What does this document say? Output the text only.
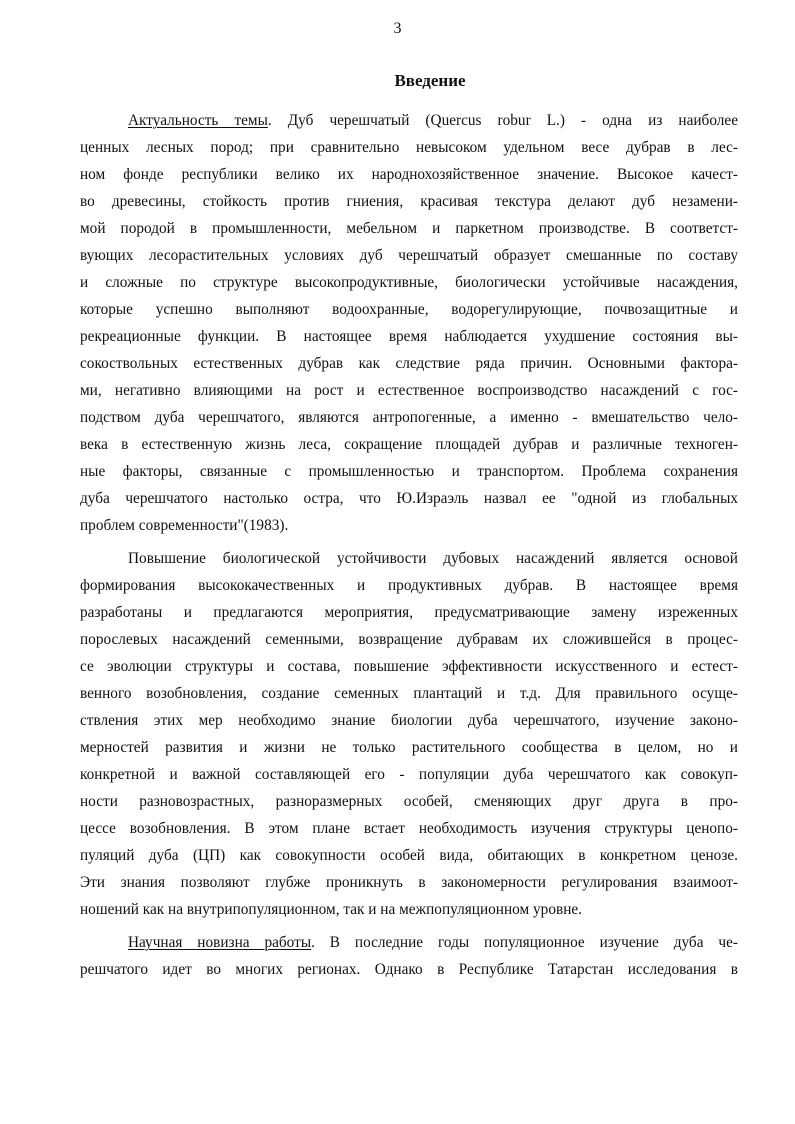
3
Введение
Актуальность темы. Дуб черешчатый (Quercus robur L.) - одна из наиболее
ценных лесных пород; при сравнительно невысоком удельном весе дубрав в лес-
ном фонде республики велико их народнохозяйственное значение. Высокое качест-
во древесины, стойкость против гниения, красивая текстура делают дуб незамени-
мой породой в промышленности, мебельном и паркетном производстве. В соответст-
вующих лесорастительных условиях дуб черешчатый образует смешанные по составу
и сложные по структуре высокопродуктивные, биологически устойчивые насаждения,
которые успешно выполняют водоохранные, водорегулирующие, почвозащитные и
рекреационные функции. В настоящее время наблюдается ухудшение состояния вы-
сокоствольных естественных дубрав как следствие ряда причин. Основными фактора-
ми, негативно влияющими на рост и естественное воспроизводство насаждений с гос-
подством дуба черешчатого, являются антропогенные, а именно - вмешательство чело-
века в естественную жизнь леса, сокращение площадей дубрав и различные техноген-
ные факторы, связанные с промышленностью и транспортом. Проблема сохранения
дуба черешчатого настолько остра, что Ю.Израэль назвал ее "одной из глобальных
проблем современности"(1983).
Повышение биологической устойчивости дубовых насаждений является основой
формирования высококачественных и продуктивных дубрав. В настоящее время
разработаны и предлагаются мероприятия, предусматривающие замену изреженных
порослевых насаждений семенными, возвращение дубравам их сложившейся в процес-
се эволюции структуры и состава, повышение эффективности искусственного и естест-
венного возобновления, создание семенных плантаций и т.д. Для правильного осуще-
ствления этих мер необходимо знание биологии дуба черешчатого, изучение законо-
мерностей развития и жизни не только растительного сообщества в целом, но и
конкретной и важной составляющей его - популяции дуба черешчатого как совокуп-
ности разновозрастных, разноразмерных особей, сменяющих друг друга в про-
цессе возобновления. В этом плане встает необходимость изучения структуры ценопо-
пуляций дуба (ЦП) как совокупности особей вида, обитающих в конкретном ценозе.
Эти знания позволяют глубже проникнуть в закономерности регулирования взаимоот-
ношений как на внутрипопуляционном, так и на межпопуляционном уровне.
Научная новизна работы. В последние годы популяционное изучение дуба че-
решчатого идет во многих регионах. Однако в Республике Татарстан исследования в
